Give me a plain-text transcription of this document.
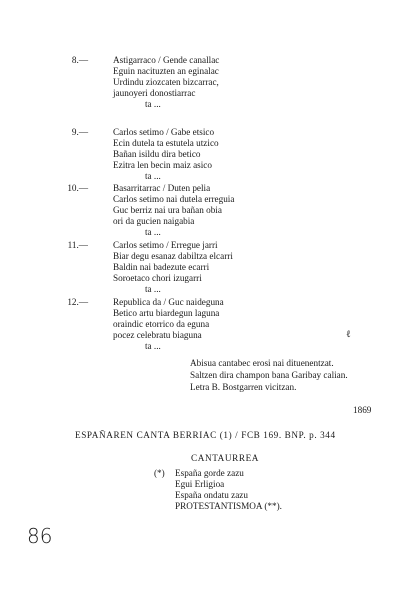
8.—	Astigarraco / Gende canallac
Eguin nacituzten an eginalac
Urdindu ziozcaten bizcarrac,
jaunoyeri donostiarrac
ta ...
9.—	Carlos setimo / Gabe etsico
Ecin dutela ta estutela utzico
Bañan isildu dira betico
Ezitra len becin maiz asico
ta ...
10.—	Basarritarrac / Duten pelia
Carlos setimo nai dutela erreguia
Guc berriz nai ura bañan obia
ori da gucien naigabia
ta ...
11.—	Carlos setimo / Erregue jarri
Biar degu esanaz dabiltza elcarri
Baldin nai badezute ecarri
Soroetaco chori izugarri
ta ...
12.—	Republica da / Guc naideguna
Betico artu biardegun laguna
oraindic etorrico da eguna
pocez celebratu biaguna
ta ...
ℓ
Abisua cantabec erosi nai dituenentzat.
Saltzen dira champon bana Garibay calian.
Letra B. Bostgarren vicitzan.
1869
ESPAÑAREN CANTA BERRIAC (1) / FCB 169. BNP. p. 344
CANTAURREA
(*) España gorde zazu
Egui Erligioa
España ondatu zazu
PROTESTANTISMOA (**).
86
